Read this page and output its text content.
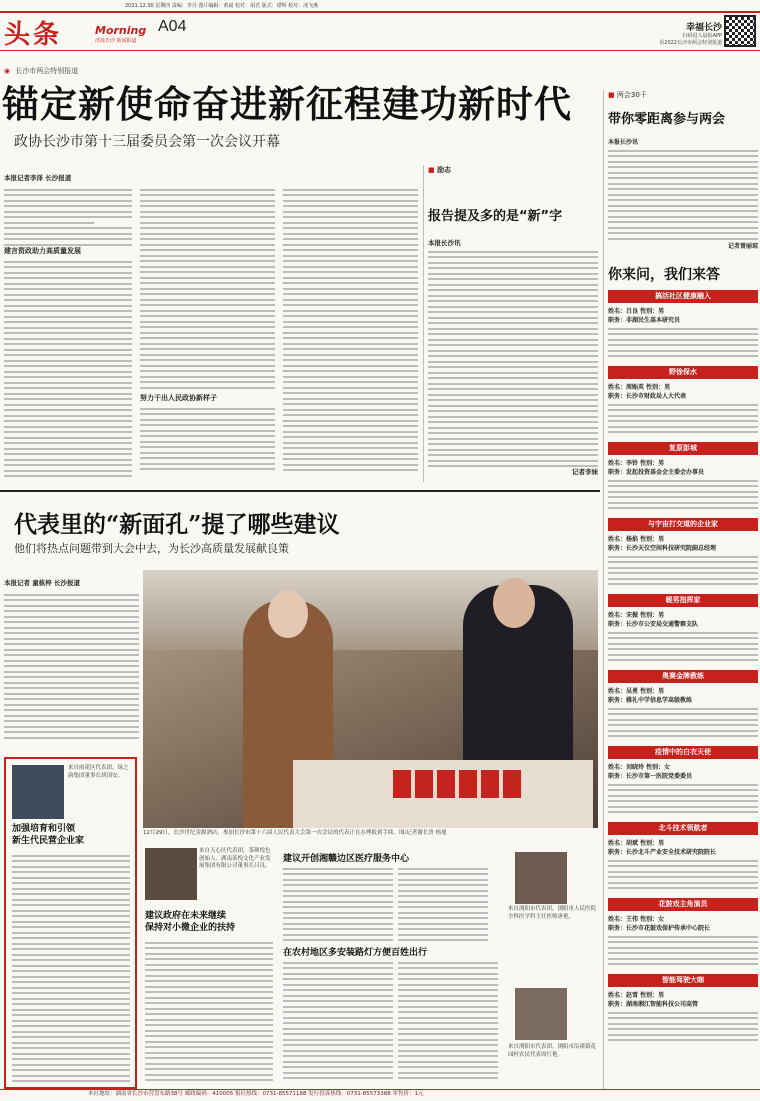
2021.12.30 星期四 责编：李丹 图片编辑：黄斌 校对：胡君 版式：谭辉 校对：凌飞燕
头条	Morning
清晨长沙 新闻报道
A04	幸福长沙
扫码进入晨报APP
看2022长沙市两会特别报道
◉ 长沙市两会特别报道
锚定新使命奋进新征程建功新时代
政协长沙市第十三届委员会第一次会议开幕
本报记者李泽 长沙报道
建言资政助力高质量发展
努力干出人民政协新样子
■ 励志
报告提及多的是“新”字
本报长沙讯
记者李妹
■ 两会30千
带你零距离参与两会
本报长沙讯
记者曾丽琼
你来问，我们来答
搞活社区健康融入
姓名：吕良 性别：男
职务：非湖民生基本研究员
野徐保水
姓名：周贻英 性别：男
职务：长沙市财政局人大代表
复原彭城
姓名：李铃 性别：男
职务：发起投资基金会主委会办事员
与宇宙打交道的企业家
姓名：杨焰 性别：男
职务：长沙天仪空间科技研究院副总经理
暖男指挥家
姓名：宋振 性别：男
职务：长沙市公安局交通警察支队
奥赛金牌教练
姓名：吴勇 性别：男
职务：雅礼中学信息学高级教练
疫情中的白衣天使
姓名：刘晓玲 性别：女
职务：长沙市第一医院党委委员
北斗技术领航者
姓名：胡斌 性别：男
职务：长沙北斗产业安全技术研究院院长
花鼓戏主角演员
姓名：王伟 性别：女
职务：长沙市花鼓戏保护传承中心院长
智能驾驶大咖
姓名：赵雪 性别：男
职务：湖南湘江智能科技公司高管
代表里的“新面孔”提了哪些建议
他们将热点问题带到大会中去，为长沙高质量发展献良策
本报记者 童栋梓 长沙报道
12月29日，长沙世纪金源酒店，参加长沙市第十六届人民代表大会第一次会议的代表正在办理报到手续。图/记者谢长贵 杨旭
来自雨花区代表团，绿之韵集团董事长胡国安。
加强培育和引领
新生代民营企业家
来自天心区代表团，茶颜悦色创始人、湖南茶悦文化产业发展集团有限公司董事长吕良。
建议政府在未来继续
保持对小微企业的扶持
建议开创湘赣边区医疗服务中心
来自浏阳市代表团，浏阳市人民医院全科医学科主任医师唐艳。
在农村地区多安装路灯方便百姓出行
来自浏阳市代表团，浏阳市沿溪镇花园村农民代表周红艳。
本社地址：湖南省长沙市营盘东路38号 邮政编码：410005 报社热线：0731-85571188 发行投诉热线：0731-85573388 零售价：1元
